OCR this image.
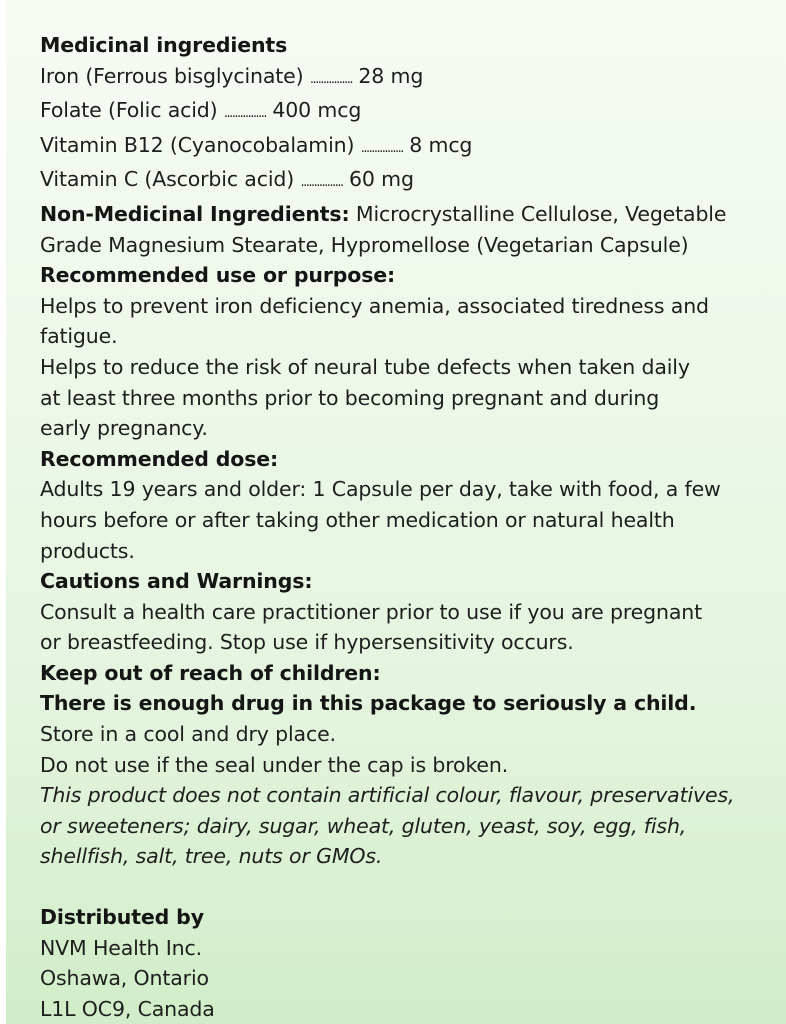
Medicinal ingredients

Iron (Ferrous bisglycinate) ................ 28 mg

Folate (Folic acid) ................ 400 mcg

Vitamin B12 (Cyanocobalamin) ................ 8 mcg

Vitamin C (Ascorbic acid) ................ 60 mg

Non-Medicinal Ingredients: Microcrystalline Cellulose, Vegetable

Grade Magnesium Stearate, Hypromellose (Vegetarian Capsule)

Recommended use or purpose:

Helps to prevent iron deficiency anemia, associated tiredness and

fatigue.

Helps to reduce the risk of neural tube defects when taken daily

at least three months prior to becoming pregnant and during

early pregnancy.

Recommended dose:

Adults 19 years and older: 1 Capsule per day, take with food, a few

hours before or after taking other medication or natural health

products.

Cautions and Warnings:

Consult a health care practitioner prior to use if you are pregnant

or breastfeeding. Stop use if hypersensitivity occurs.

Keep out of reach of children:

There is enough drug in this package to seriously a child.

Store in a cool and dry place.

Do not use if the seal under the cap is broken.

This product does not contain artificial colour, flavour, preservatives,

or sweeteners; dairy, sugar, wheat, gluten, yeast, soy, egg, fish,

shellfish, salt, tree, nuts or GMOs.

Distributed by

NVM Health Inc.

Oshawa, Ontario

L1L OC9, Canada
